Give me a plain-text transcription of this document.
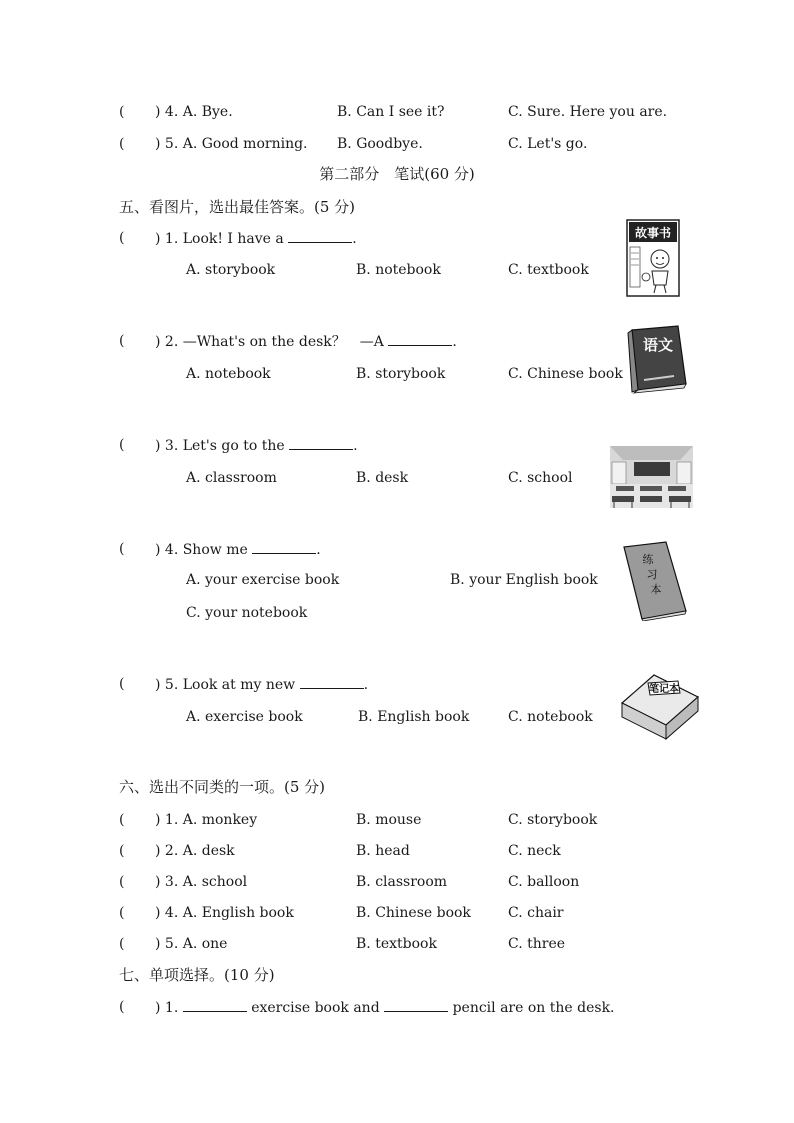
( ) 4. A. Bye.	B. Can I see it?	C. Sure. Here you are.
( ) 5. A. Good morning. B. Goodbye.	C. Let's go.
第二部分　笔试(60 分)
五、看图片，选出最佳答案。(5 分)
( ) 1. Look! I have a	.
A. storybook	B. notebook	C. textbook
故事书
( ) 2. —What's on the desk？　—A	.
A. notebook	B. storybook	C. Chinese book
语文
( ) 3. Let's go to the	.
A. classroom	B. desk	C. school
( ) 4. Show me	.
A. your exercise book	B. your English book
C. your notebook
练
习
本
( ) 5. Look at my new	.
A. exercise book	B. English book	C. notebook
笔记本
六、选出不同类的一项。(5 分)
( ) 1. A. monkey	B. mouse	C. storybook
( ) 2. A. desk	B. head	C. neck
( ) 3. A. school	B. classroom	C. balloon
( ) 4. A. English book	B. Chinese book	C. chair
( ) 5. A. one	B. textbook	C. three
七、单项选择。(10 分)
( ) 1.	exercise book and	pencil are on the desk.
